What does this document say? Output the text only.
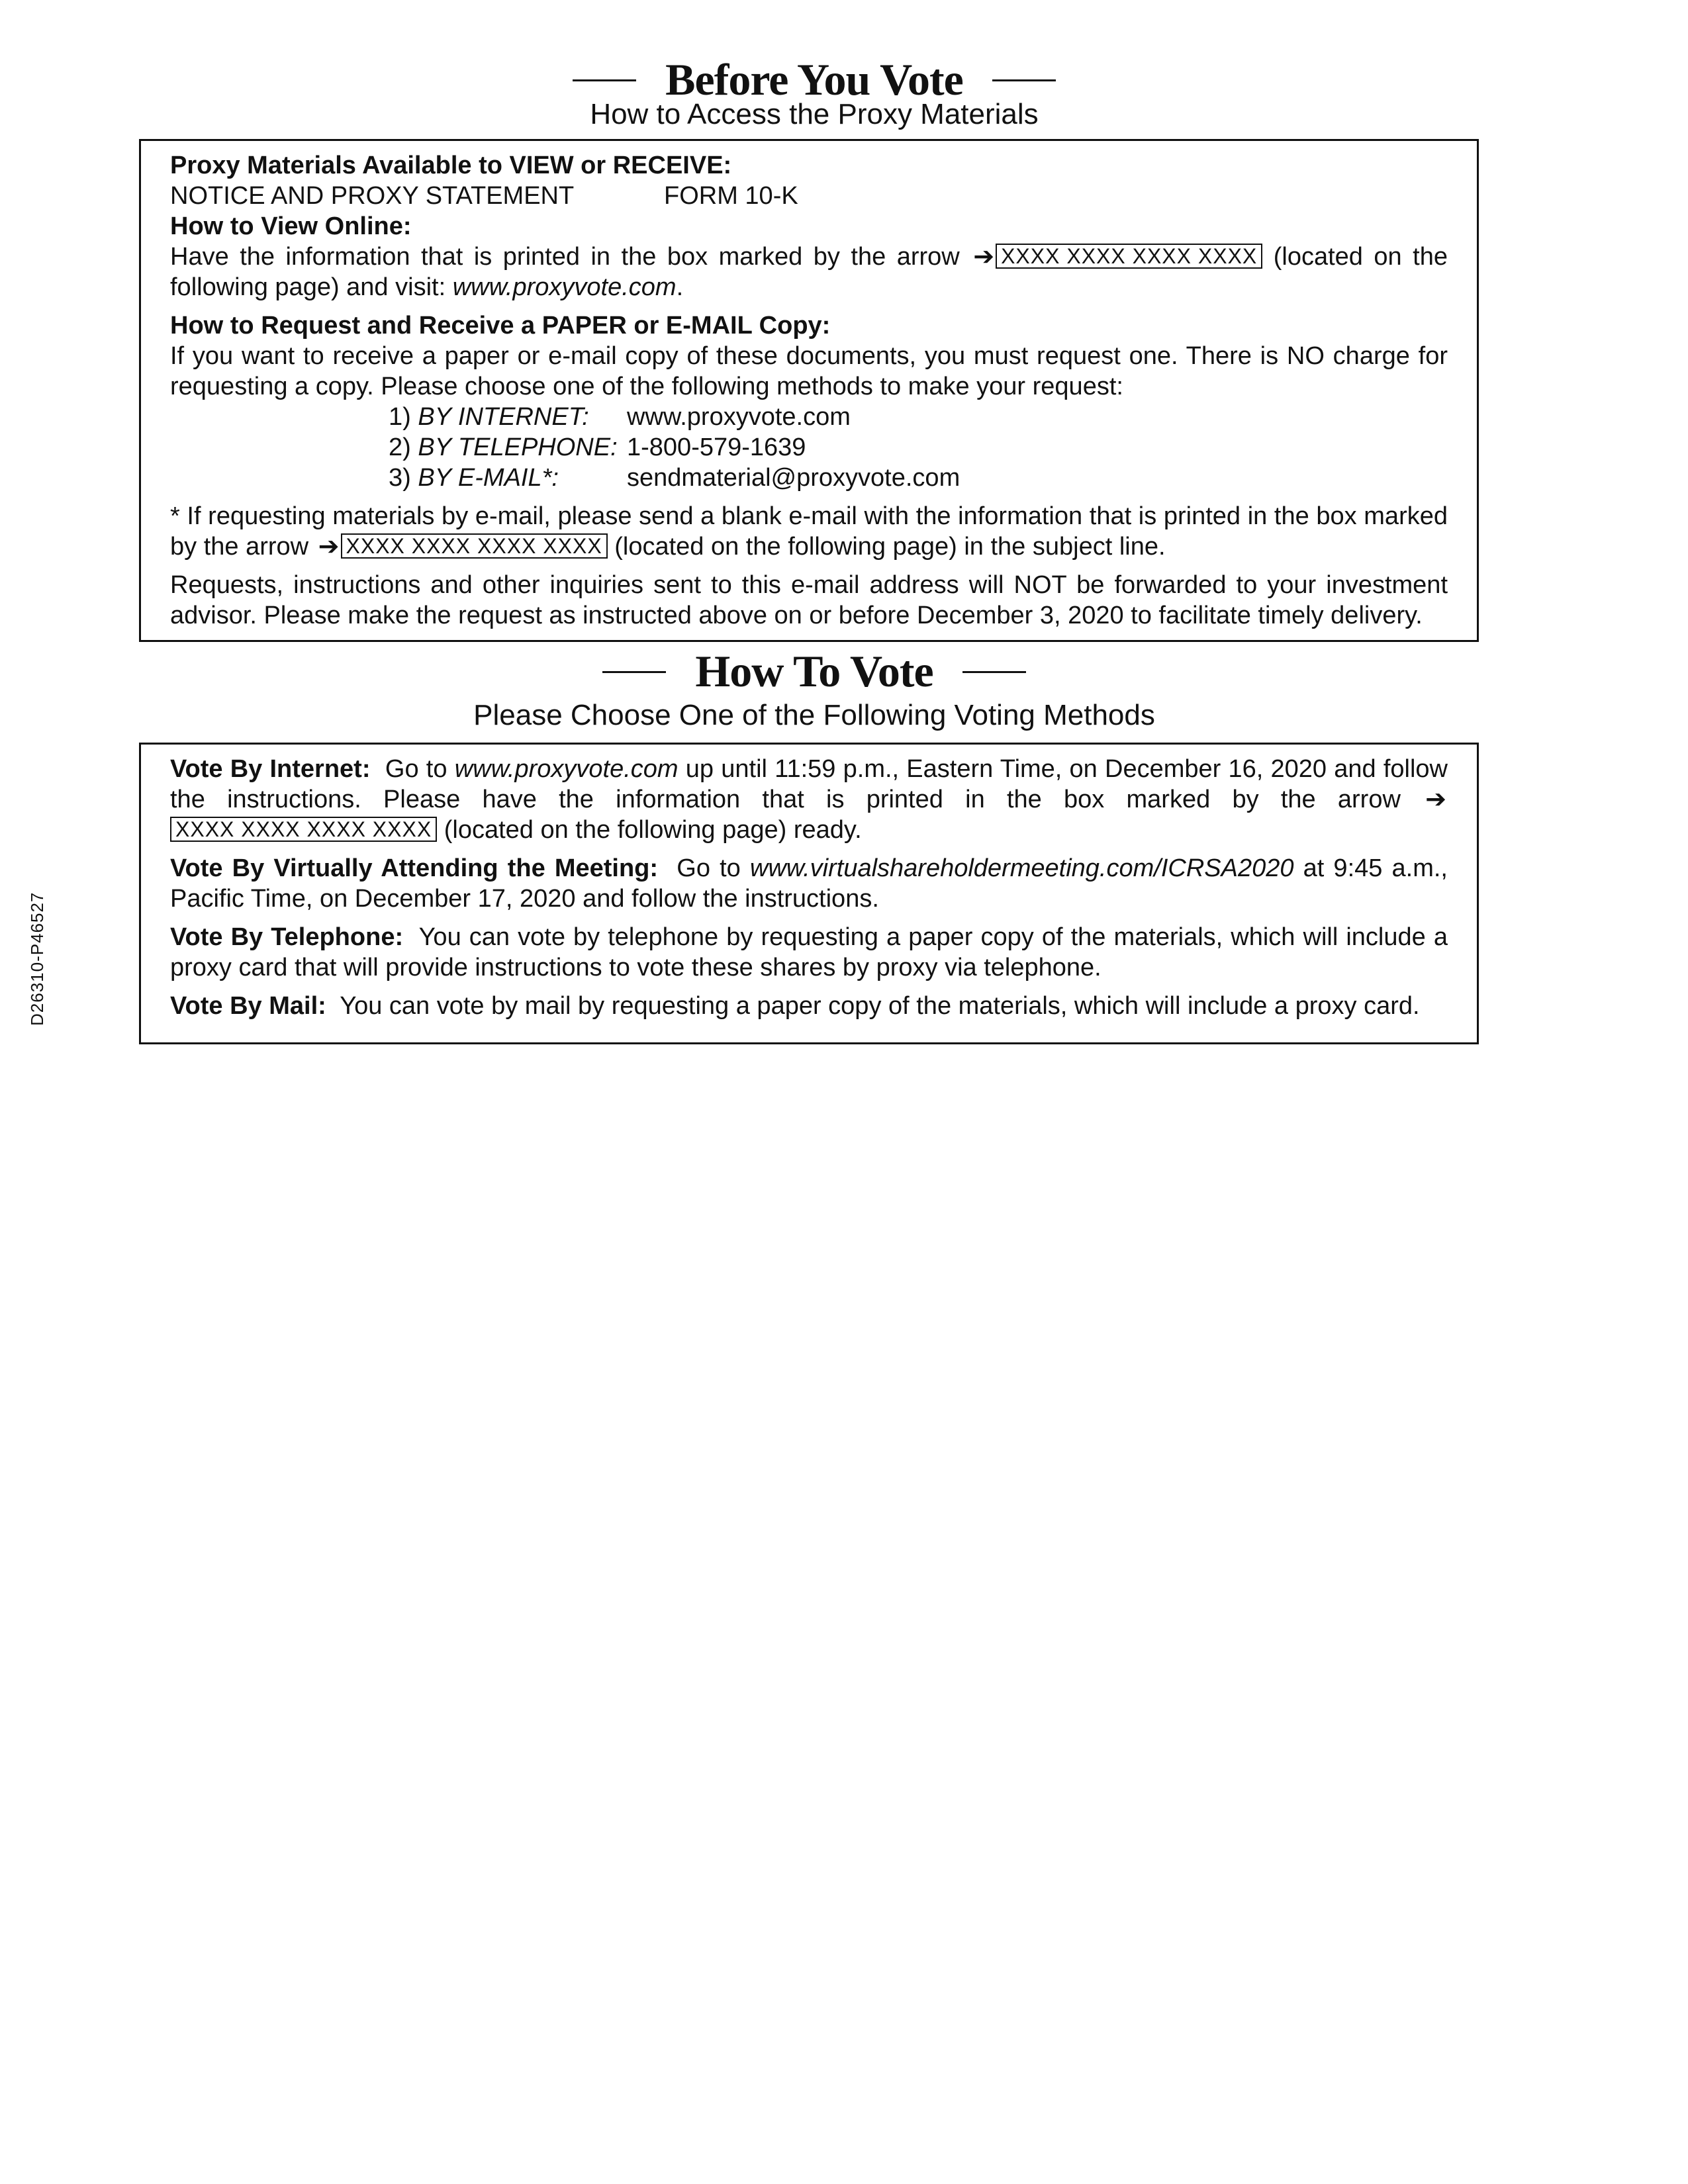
Before You Vote
How to Access the Proxy Materials

Proxy Materials Available to VIEW or RECEIVE:

NOTICE AND PROXY STATEMENT	FORM 10-K

How to View Online:

Have the information that is printed in the box marked by the arrow ➔ XXXX XXXX XXXX XXXX (located on the following page) and visit: www.proxyvote.com.

How to Request and Receive a PAPER or E-MAIL Copy:

If you want to receive a paper or e-mail copy of these documents, you must request one. There is NO charge for requesting a copy. Please choose one of the following methods to make your request:

1) BY INTERNET:	www.proxyvote.com
2) BY TELEPHONE: 1-800-579-1639
3) BY E-MAIL*:	sendmaterial@proxyvote.com

* If requesting materials by e-mail, please send a blank e-mail with the information that is printed in the box marked by the arrow ➔ XXXX XXXX XXXX XXXX (located on the following page) in the subject line.

Requests, instructions and other inquiries sent to this e-mail address will NOT be forwarded to your investment advisor. Please make the request as instructed above on or before December 3, 2020 to facilitate timely delivery.

How To Vote
Please Choose One of the Following Voting Methods

Vote By Internet: Go to www.proxyvote.com up until 11:59 p.m., Eastern Time, on December 16, 2020 and follow the instructions. Please have the information that is printed in the box marked by the arrow ➔XXXX XXXX XXXX XXXX (located on the following page) ready.

Vote By Virtually Attending the Meeting: Go to www.virtualshareholdermeeting.com/ICRSA2020 at 9:45 a.m., Pacific Time, on December 17, 2020 and follow the instructions.

Vote By Telephone: You can vote by telephone by requesting a paper copy of the materials, which will include a proxy card that will provide instructions to vote these shares by proxy via telephone.

Vote By Mail: You can vote by mail by requesting a paper copy of the materials, which will include a proxy card.

D26310-P46527
